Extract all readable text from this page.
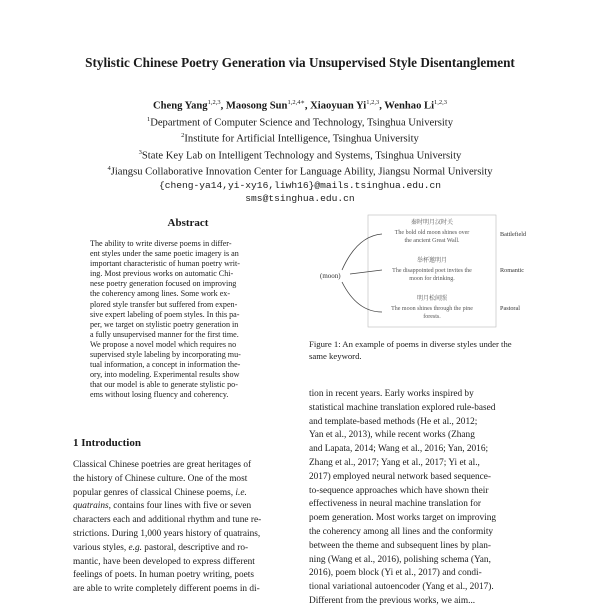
Stylistic Chinese Poetry Generation via Unsupervised Style Disentanglement
Cheng Yang$^{1,2,3}$, Maosong Sun$^{1,2,4∗}$, Xiaoyuan Yi$^{1,2,3}$, Wenhao Li$^{1,2,3}$
$^1$Department of Computer Science and Technology, Tsinghua University
$^2$Institute for Artificial Intelligence, Tsinghua University
$^3$State Key Lab on Intelligent Technology and Systems, Tsinghua University
$^4$Jiangsu Collaborative Innovation Center for Language Ability, Jiangsu Normal University
{cheng-ya14,yi-xy16,liwh16}@mails.tsinghua.edu.cn
sms@tsinghua.edu.cn
Abstract
The ability to write diverse poems in differ-
ent styles under the same poetic imagery is an
important characteristic of human poetry writ-
ing. Most previous works on automatic Chi-
nese poetry generation focused on improving
the coherency among lines. Some work ex-
plored style transfer but suffered from expen-
sive expert labeling of poem styles. In this pa-
per, we target on stylistic poetry generation in
a fully unsupervised manner for the first time.
We propose a novel model which requires no
supervised style labeling by incorporating mu-
tual information, a concept in information the-
ory, into modeling. Experimental results show
that our model is able to generate stylistic po-
ems without losing fluency and coherency.
1 Introduction
Classical Chinese poetries are great heritages of
the history of Chinese culture. One of the most
popular genres of classical Chinese poems, i.e.
quatrains, contains four lines with five or seven
characters each and additional rhythm and tune re-
strictions. During 1,000 years history of quatrains,
various styles, e.g. pastoral, descriptive and ro-
mantic, have been developed to express different
feelings of poets. In human poetry writing, poets
are able to write completely different poems in di-
(moon)
秦时明月汉时关
The bold old moon shines over
the ancient Great Wall.
举杯邀明月
The disappointed poet invites the
moon for drinking.
明月松间照
The moon shines through the pine
forests.
Battlefield
Romantic
Pastoral
Figure 1: An example of poems in diverse styles under the same keyword.
tion in recent years. Early works inspired by
statistical machine translation explored rule-based
and template-based methods (He et al., 2012;
Yan et al., 2013), while recent works (Zhang
and Lapata, 2014; Wang et al., 2016; Yan, 2016;
Zhang et al., 2017; Yang et al., 2017; Yi et al.,
2017) employed neural network based sequence-
to-sequence approaches which have shown their
effectiveness in neural machine translation for
poem generation. Most works target on improving
the coherency among all lines and the conformity
between the theme and subsequent lines by plan-
ning (Wang et al., 2016), polishing schema (Yan,
2016), poem block (Yi et al., 2017) and condi-
tional variational autoencoder (Yang et al., 2017).
Different from the previous works, we aim...
